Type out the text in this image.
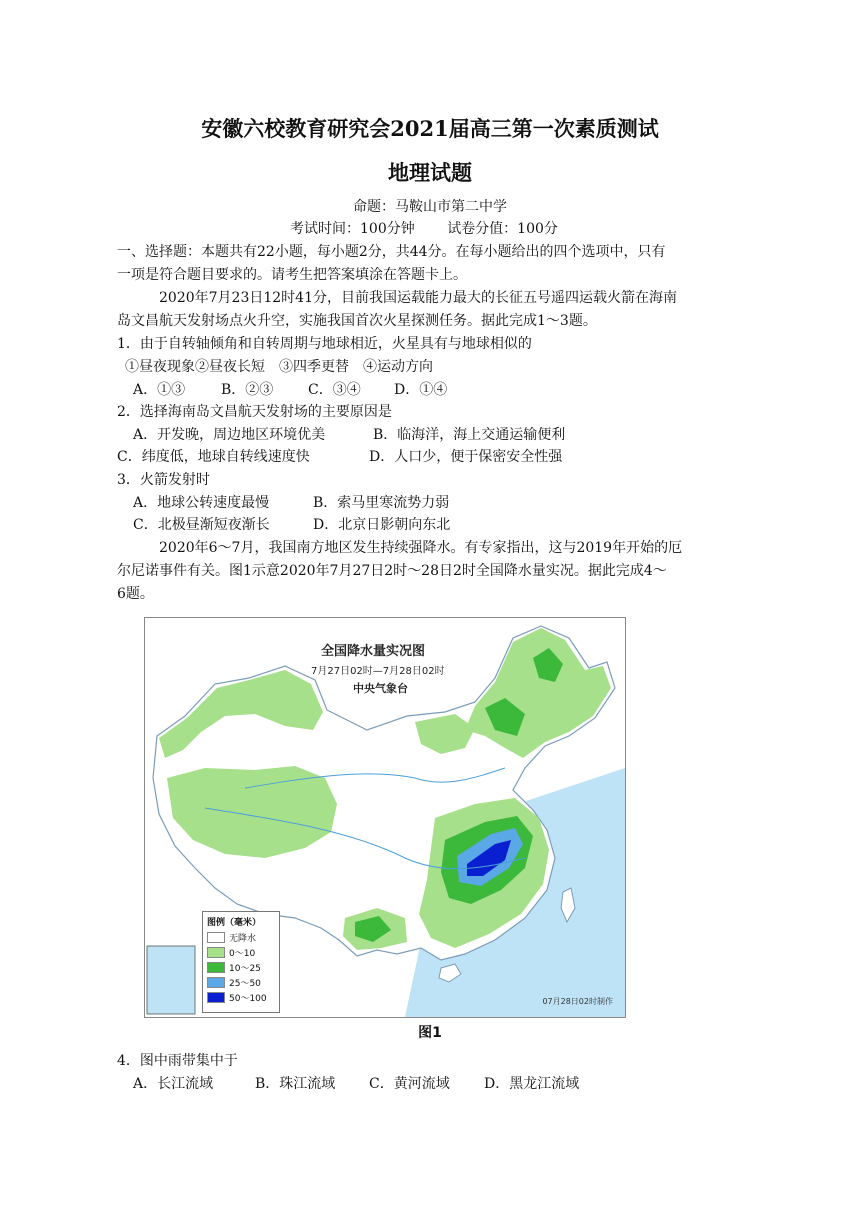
安徽六校教育研究会2021届高三第一次素质测试
地理试题
命题：马鞍山市第二中学
考试时间：100分钟 试卷分值：100分
一、选择题：本题共有22小题，每小题2分，共44分。在每小题给出的四个选项中，只有
一项是符合题目要求的。请考生把答案填涂在答题卡上。
2020年7月23日12时41分，目前我国运载能力最大的长征五号遥四运载火箭在海南
岛文昌航天发射场点火升空，实施我国首次火星探测任务。据此完成1～3题。
1．由于自转轴倾角和自转周期与地球相近，火星具有与地球相似的
①昼夜现象②昼夜长短　③四季更替　④运动方向
A．①③	B．②③ C．③④ D．①④
2．选择海南岛文昌航天发射场的主要原因是
A．开发晚，周边地区环境优美	B．临海洋，海上交通运输便利
C．纬度低，地球自转线速度快	D．人口少，便于保密安全性强
3．火箭发射时
A．地球公转速度最慢	B．索马里寒流势力弱
C．北极昼渐短夜渐长	D．北京日影朝向东北
2020年6～7月，我国南方地区发生持续强降水。有专家指出，这与2019年开始的厄
尔尼诺事件有关。图1示意2020年7月27日2时～28日2时全国降水量实况。据此完成4～
6题。
全国降水量实况图
7月27日02时—7月28日02时
中央气象台
图例（毫米）
无降水
0～10
10～25
25～50
50～100	07月28日02时制作
图1
4．图中雨带集中于
A．长江流域	B．珠江流域 C．黄河流域 D．黑龙江流域
